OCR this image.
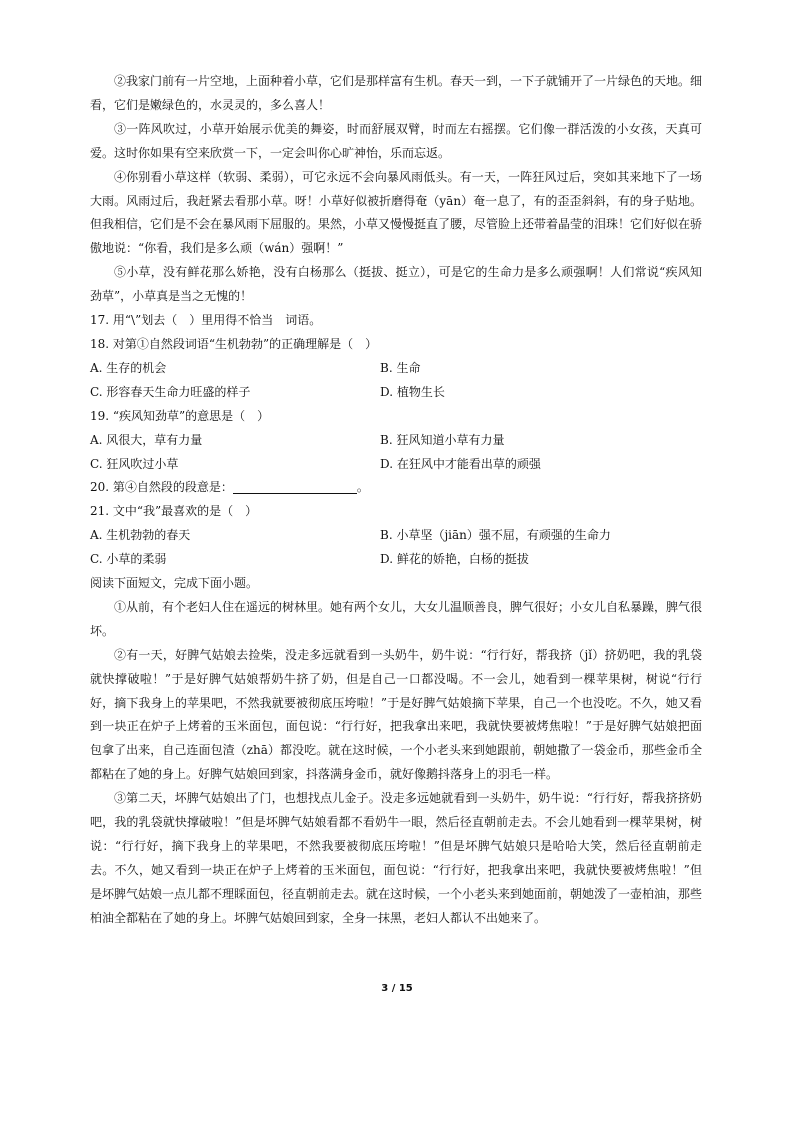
②我家门前有一片空地，上面种着小草，它们是那样富有生机。春天一到，一下子就铺开了一片绿色的天地。细看，它们是嫩绿色的，水灵灵的，多么喜人！

③一阵风吹过，小草开始展示优美的舞姿，时而舒展双臂，时而左右摇摆。它们像一群活泼的小女孩，天真可爱。这时你如果有空来欣赏一下，一定会叫你心旷神怡，乐而忘返。

④你别看小草这样（软弱、柔弱），可它永远不会向暴风雨低头。有一天，一阵狂风过后，突如其来地下了一场大雨。风雨过后，我赶紧去看那小草。呀！小草好似被折磨得奄（yān）奄一息了，有的歪歪斜斜，有的身子贴地。但我相信，它们是不会在暴风雨下屈服的。果然，小草又慢慢挺直了腰，尽管脸上还带着晶莹的泪珠！它们好似在骄傲地说：“你看，我们是多么顽（wán）强啊！”

⑤小草，没有鲜花那么娇艳，没有白杨那么（挺拔、挺立），可是它的生命力是多么顽强啊！人们常说“疾风知劲草”，小草真是当之无愧的！

17. 用“\”划去（　）里用得不恰当　词语。

18. 对第①自然段词语“生机勃勃”的正确理解是（　）

A. 生存的机会	B. 生命
C. 形容春天生命力旺盛的样子	D. 植物生长

19. “疾风知劲草”的意思是（　）

A. 风很大，草有力量	B. 狂风知道小草有力量
C. 狂风吹过小草	D. 在狂风中才能看出草的顽强

20. 第④自然段的段意是：	。

21. 文中“我”最喜欢的是（　）

A. 生机勃勃的春天	B. 小草坚（jiān）强不屈，有顽强的生命力
C. 小草的柔弱	D. 鲜花的娇艳，白杨的挺拔

阅读下面短文，完成下面小题。

①从前，有个老妇人住在遥远的树林里。她有两个女儿，大女儿温顺善良，脾气很好；小女儿自私暴躁，脾气很坏。

②有一天，好脾气姑娘去捡柴，没走多远就看到一头奶牛，奶牛说：“行行好，帮我挤（jǐ）挤奶吧，我的乳袋就快撑破啦！”于是好脾气姑娘帮奶牛挤了奶，但是自己一口都没喝。不一会儿，她看到一棵苹果树，树说“行行好，摘下我身上的苹果吧，不然我就要被彻底压垮啦！”于是好脾气姑娘摘下苹果，自己一个也没吃。不久，她又看到一块正在炉子上烤着的玉米面包，面包说：“行行好，把我拿出来吧，我就快要被烤焦啦！”于是好脾气姑娘把面包拿了出来，自己连面包渣（zhā）都没吃。就在这时候，一个小老头来到她跟前，朝她撒了一袋金币，那些金币全都粘在了她的身上。好脾气姑娘回到家，抖落满身金币，就好像鹅抖落身上的羽毛一样。

③第二天，坏脾气姑娘出了门，也想找点儿金子。没走多远她就看到一头奶牛，奶牛说：“行行好，帮我挤挤奶吧，我的乳袋就快撑破啦！”但是坏脾气姑娘看都不看奶牛一眼，然后径直朝前走去。不会儿她看到一棵苹果树，树说：“行行好，摘下我身上的苹果吧，不然我要被彻底压垮啦！”但是坏脾气姑娘只是哈哈大笑，然后径直朝前走去。不久，她又看到一块正在炉子上烤着的玉米面包，面包说：“行行好，把我拿出来吧，我就快要被烤焦啦！”但是坏脾气姑娘一点儿都不理睬面包，径直朝前走去。就在这时候，一个小老头来到她面前，朝她泼了一壶柏油，那些柏油全都粘在了她的身上。坏脾气姑娘回到家，全身一抹黑，老妇人都认不出她来了。

3 / 15
